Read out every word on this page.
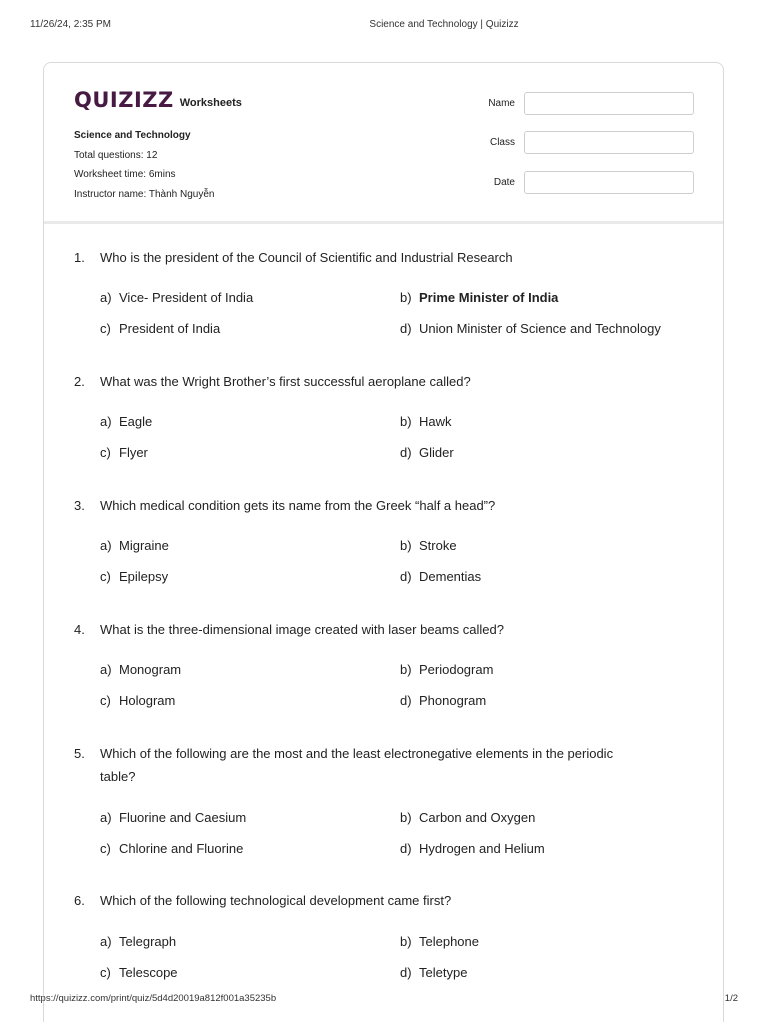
11/26/24, 2:35 PM	Science and Technology | Quizizz
QUIZIZZ Worksheets
Science and Technology
Total questions: 12
Worksheet time: 6mins
Instructor name: Thành Nguyễn
Name
Class
Date
1. Who is the president of the Council of Scientific and Industrial Research
a) Vice- President of India	b) Prime Minister of India
c) President of India	d) Union Minister of Science and Technology
2. What was the Wright Brother’s first successful aeroplane called?
a) Eagle	b) Hawk
c) Flyer	d) Glider
3. Which medical condition gets its name from the Greek “half a head”?
a) Migraine	b) Stroke
c) Epilepsy	d) Dementias
4. What is the three-dimensional image created with laser beams called?
a) Monogram	b) Periodogram
c) Hologram	d) Phonogram
5. Which of the following are the most and the least electronegative elements in the periodic table?
a) Fluorine and Caesium	b) Carbon and Oxygen
c) Chlorine and Fluorine	d) Hydrogen and Helium
6. Which of the following technological development came first?
a) Telegraph	b) Telephone
c) Telescope	d) Teletype
https://quizizz.com/print/quiz/5d4d20019a812f001a35235b	1/2
